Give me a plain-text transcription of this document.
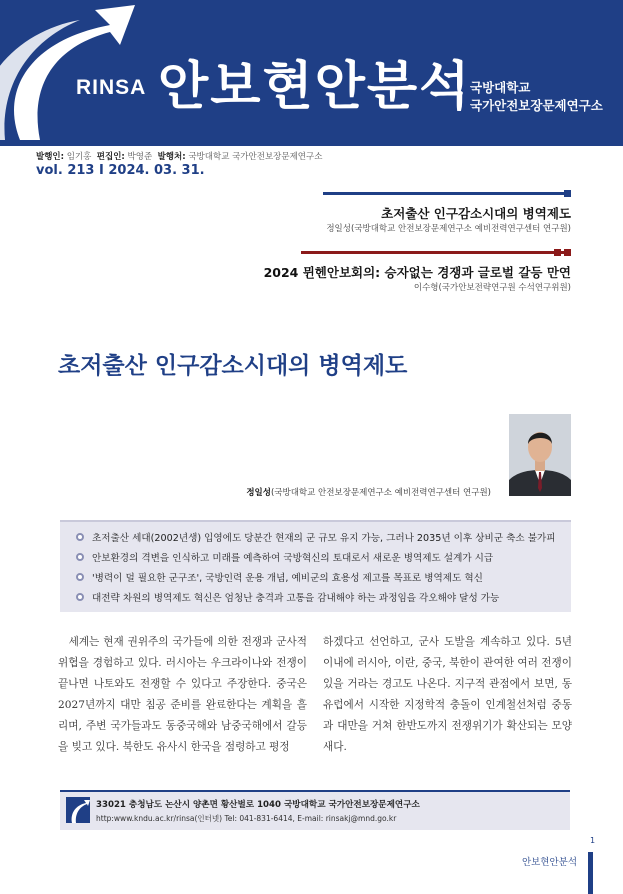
RINSA 안보현안분석
국방대학교
국가안전보장문제연구소
발행인: 임기홍 편집인: 박영준 발행처: 국방대학교 국가안전보장문제연구소
vol. 213 I 2024. 03. 31.
초저출산 인구감소시대의 병역제도
정일성(국방대학교 안전보장문제연구소 예비전력연구센터 연구원)
2024 뮌헨안보회의: 승자없는 경쟁과 글로벌 갈등 만연
이수형(국가안보전략연구원 수석연구위원)
초저출산 인구감소시대의 병역제도
정일성(국방대학교 안전보장문제연구소 예비전력연구센터 연구원)
초저출산 세대(2002년생) 입영에도 당분간 현재의 군 규모 유지 가능, 그러나 2035년 이후 상비군 축소 불가피
안보환경의 격변을 인식하고 미래를 예측하여 국방혁신의 토대로서 새로운 병역제도 설계가 시급
'병력이 덜 필요한 군구조', 국방인력 운용 개념, 예비군의 효용성 제고를 목표로 병역제도 혁신
대전략 차원의 병역제도 혁신은 엄청난 충격과 고통을 감내해야 하는 과정임을 각오해야 달성 가능
세계는 현재 권위주의 국가들에 의한 전쟁과 군사적 위협을 경험하고 있다. 러시아는 우크라이나와 전쟁이 끝나면 나토와도 전쟁할 수 있다고 주장한다. 중국은 2027년까지 대만 침공 준비를 완료한다는 계획을 흘리며, 주변 국가들과도 동중국해와 남중국해에서 갈등을 빚고 있다. 북한도 유사시 한국을 점령하고 평정
하겠다고 선언하고, 군사 도발을 계속하고 있다. 5년 이내에 러시아, 이란, 중국, 북한이 관여한 여러 전쟁이 있을 거라는 경고도 나온다. 지구적 관점에서 보면, 동유럽에서 시작한 지정학적 충돌이 인계철선처럼 중동과 대만을 거쳐 한반도까지 전쟁위기가 확산되는 모양새다.
33021 충청남도 논산시 양촌면 황산벌로 1040 국방대학교 국가안전보장문제연구소
http:www.kndu.ac.kr/rinsa(인터넷) Tel: 041-831-6414, E-mail: rinsakj@mnd.go.kr
1
안보현안분석
